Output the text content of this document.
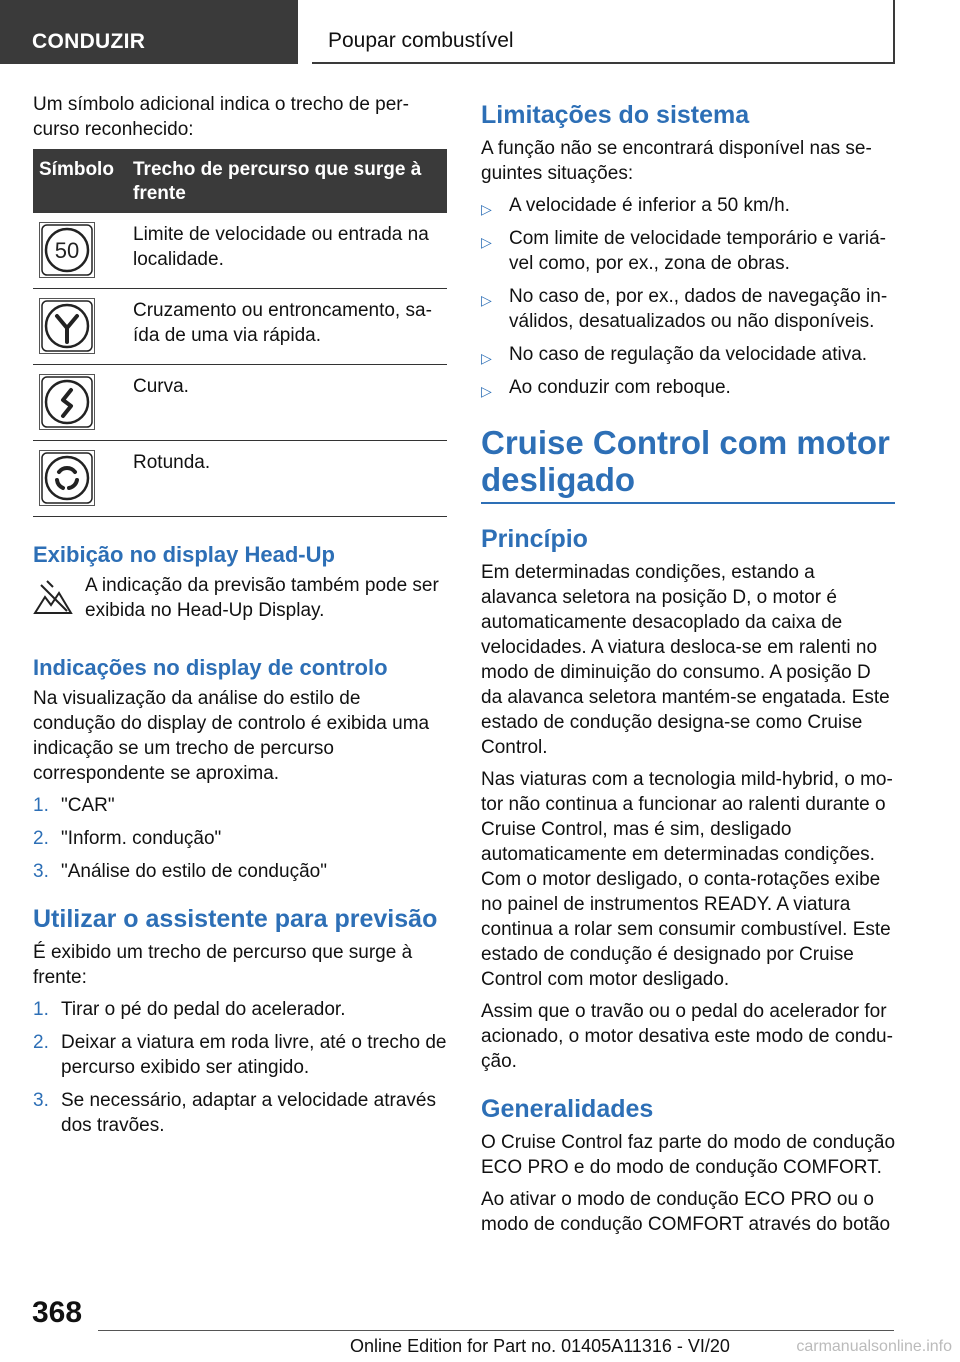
CONDUZIR	Poupar combustível

Um símbolo adicional indica o trecho de percurso reconhecido:

Símbolo	Trecho de percurso que surge à frente

50	Limite de velocidade ou entrada na localidade.

	Cruzamento ou entroncamento, saída de uma via rápida.

	Curva.

	Rotunda.
Exibição no display Head-Up

A indicação da previsão também pode ser exibida no Head-Up Display.

Indicações no display de controlo

Na visualização da análise do estilo de condução do display de controlo é exibida uma indicação se um trecho de percurso correspondente se aproxima.

1. "CAR"
2. "Inform. condução"
3. "Análise do estilo de condução"
Utilizar o assistente para previsão

É exibido um trecho de percurso que surge à frente:

1. Tirar o pé do pedal do acelerador.
2. Deixar a viatura em roda livre, até o trecho de percurso exibido ser atingido.
3. Se necessário, adaptar a velocidade através dos travões.
Limitações do sistema

A função não se encontrará disponível nas seguintes situações:

▷ A velocidade é inferior a 50 km/h.
▷ Com limite de velocidade temporário e variável como, por ex., zona de obras.
▷ No caso de, por ex., dados de navegação inválidos, desatualizados ou não disponíveis.
▷ No caso de regulação da velocidade ativa.
▷ Ao conduzir com reboque.
Cruise Control com motor desligado
Princípio

Em determinadas condições, estando a alavanca seletora na posição D, o motor é automaticamente desacoplado da caixa de velocidades. A viatura desloca-se em ralenti no modo de diminuição do consumo. A posição D da alavanca seletora mantém-se engatada. Este estado de condução designa-se como Cruise Control.

Nas viaturas com a tecnologia mild-hybrid, o motor não continua a funcionar ao ralenti durante o Cruise Control, mas é sim, desligado automaticamente em determinadas condições. Com o motor desligado, o conta-rotações exibe no painel de instrumentos READY. A viatura continua a rolar sem consumir combustível. Este estado de condução é designado por Cruise Control com motor desligado.

Assim que o travão ou o pedal do acelerador for acionado, o motor desativa este modo de condução.

Generalidades

O Cruise Control faz parte do modo de condução ECO PRO e do modo de condução COMFORT.

Ao ativar o modo de condução ECO PRO ou o modo de condução COMFORT através do botão

368
Online Edition for Part no. 01405A11316 - VI/20	carmanualsonline.info
